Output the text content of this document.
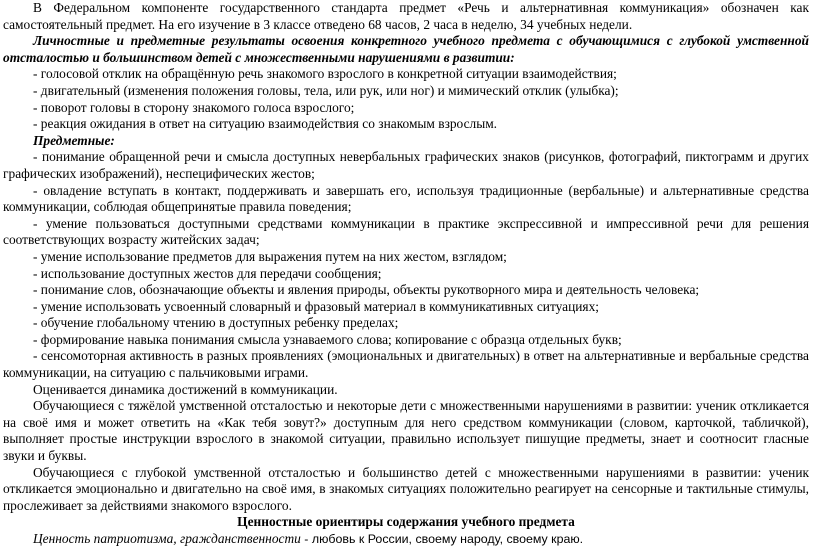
В Федеральном компоненте государственного стандарта предмет «Речь и альтернативная коммуникация» обозначен как самостоятельный предмет. На его изучение в 3 классе отведено 68 часов, 2 часа в неделю, 34 учебных недели.

Личностные и предметные результаты освоения конкретного учебного предмета с обучающимися с глубокой умственной отсталостью и большинством детей с множественными нарушениями в развитии:

- голосовой отклик на обращённую речь знакомого взрослого в конкретной ситуации взаимодействия;

- двигательный (изменения положения головы, тела, или рук, или ног) и мимический отклик (улыбка);

- поворот головы в сторону знакомого голоса взрослого;

- реакция ожидания в ответ на ситуацию взаимодействия со знакомым взрослым.

Предметные:

- понимание обращенной речи и смысла доступных невербальных графических знаков (рисунков, фотографий, пиктограмм и других графических изображений), неспецифических жестов;

- овладение вступать в контакт, поддерживать и завершать его, используя традиционные (вербальные) и альтернативные средства коммуникации, соблюдая общепринятые правила поведения;

- умение пользоваться доступными средствами коммуникации в практике экспрессивной и импрессивной речи для решения соответствующих возрасту житейских задач;

- умение использование предметов для выражения путем на них жестом, взглядом;

- использование доступных жестов для передачи сообщения;

- понимание слов, обозначающие объекты и явления природы, объекты рукотворного мира и деятельность человека;

- умение использовать усвоенный словарный и фразовый материал в коммуникативных ситуациях;

- обучение глобальному чтению в доступных ребенку пределах;

- формирование навыка понимания смысла узнаваемого слова; копирование с образца отдельных букв;

- сенсомоторная активность в разных проявлениях (эмоциональных и двигательных) в ответ на альтернативные и вербальные средства коммуникации, на ситуацию с пальчиковыми играми.

Оценивается динамика достижений в коммуникации.

Обучающиеся с тяжёлой умственной отсталостью и некоторые дети с множественными нарушениями в развитии: ученик откликается на своё имя и может ответить на «Как тебя зовут?» доступным для него средством коммуникации (словом, карточкой, табличкой), выполняет простые инструкции взрослого в знакомой ситуации, правильно использует пишущие предметы, знает и соотносит гласные звуки и буквы.

Обучающиеся с глубокой умственной отсталостью и большинство детей с множественными нарушениями в развитии: ученик откликается эмоционально и двигательно на своё имя, в знакомых ситуациях положительно реагирует на сенсорные и тактильные стимулы, прослеживает за действиями знакомого взрослого.

Ценностные ориентиры содержания учебного предмета

Ценность патриотизма, гражданственности - любовь к России, своему народу, своему краю.
